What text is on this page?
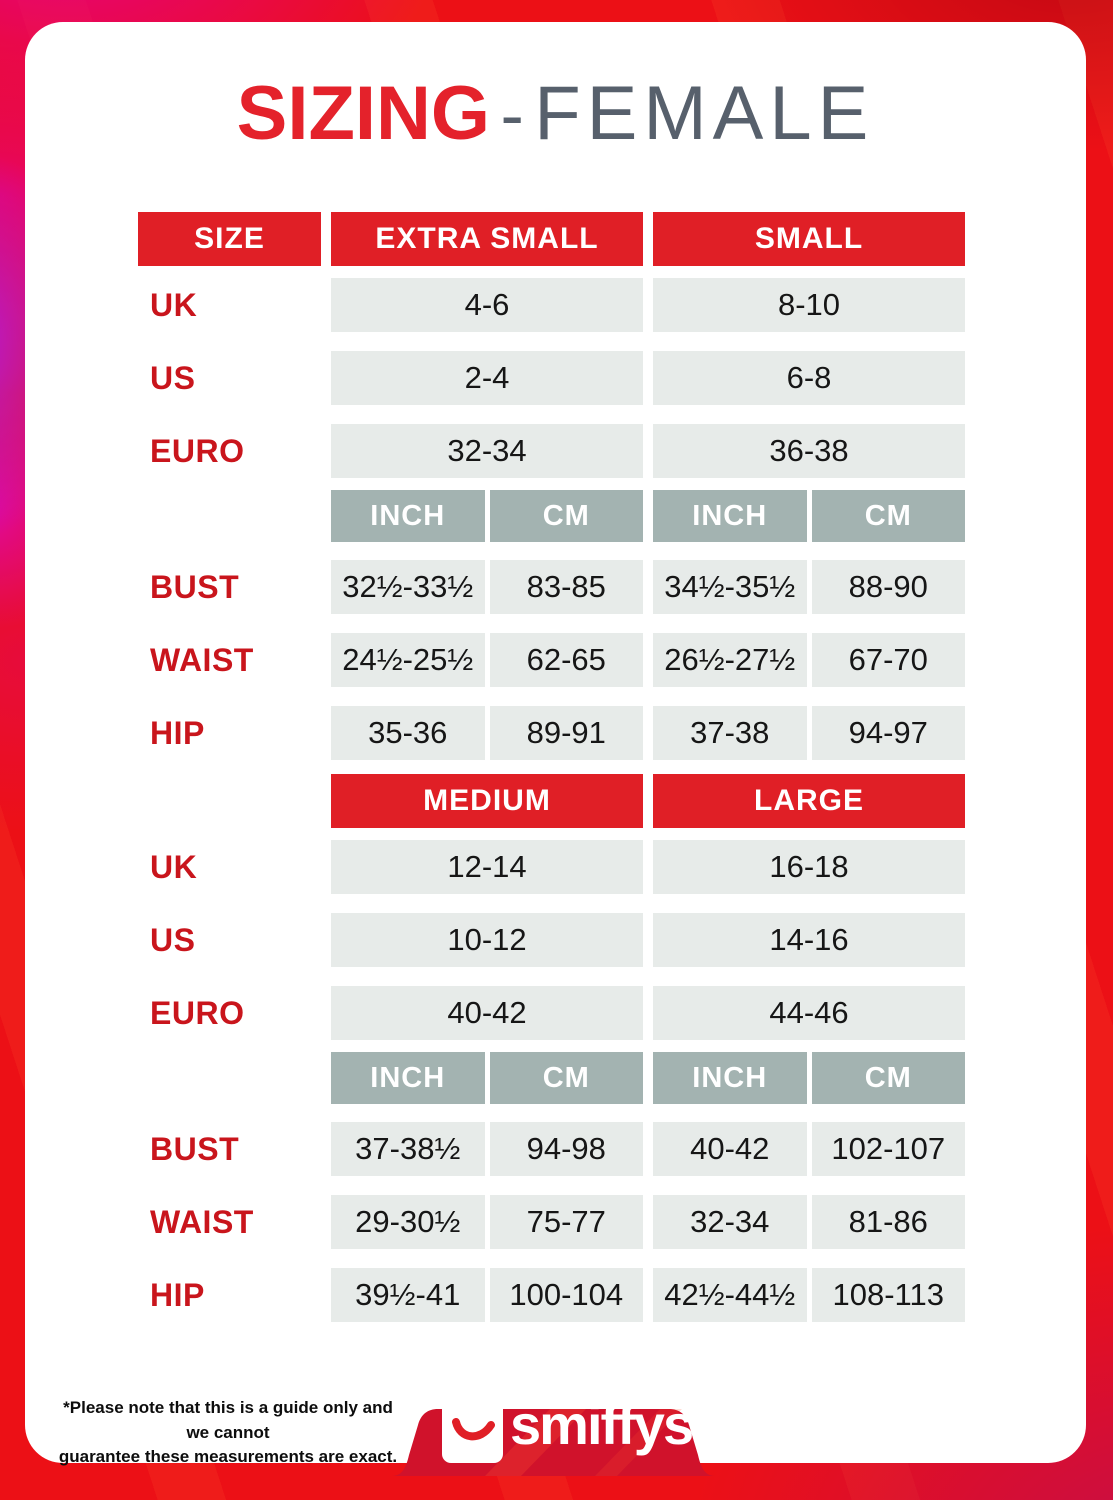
SIZING - FEMALE
SIZE	EXTRA SMALL	SMALL
UK	4-6	8-10
US	2-4	6-8
EURO	32-34	36-38
INCH	CM	INCH	CM
BUST	32½-33½	83-85	34½-35½	88-90
WAIST	24½-25½	62-65	26½-27½	67-70
HIP	35-36	89-91	37-38	94-97
MEDIUM	LARGE
UK	12-14	16-18
US	10-12	14-16
EURO	40-42	44-46
INCH	CM	INCH	CM
BUST	37-38½	94-98	40-42	102-107
WAIST	29-30½	75-77	32-34	81-86
HIP	39½-41	100-104	42½-44½	108-113
*Please note that this is a guide only and we cannot
guarantee these measurements are exact.
smiffys TM
